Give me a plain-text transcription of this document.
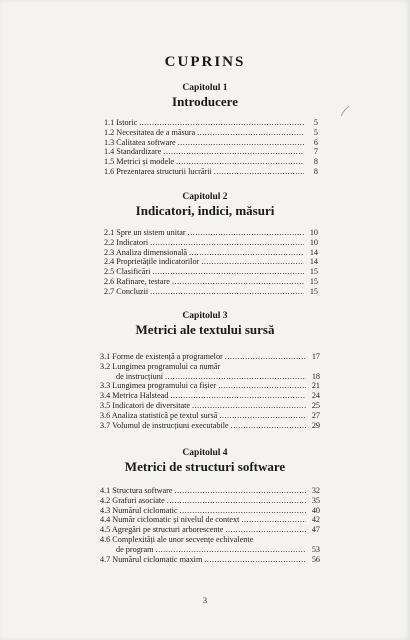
CUPRINS
Capitolul 1
Introducere
1.1 Istoric .....	5
1.2 Necesitatea de a măsura .....	5
1.3 Calitatea software .....	6
1.4 Standardizare .....	7
1.5 Metrici și modele .....	8
1.6 Prezentarea structurii lucrării .....	8
Capitolul 2
Indicatori, indici, măsuri
2.1 Spre un sistem unitar .....	10
2.2 Indicatori .....	10
2.3 Analiza dimensională .....	14
2.4 Proprietățile indicatorilor .....	14
2.5 Clasificări .....	15
2.6 Rafinare, testare .....	15
2.7 Concluzii .....	15
Capitolul 3
Metrici ale textului sursă
3.1 Forme de existență a programelor .....	17
3.2 Lungimea programului ca număr
de instrucțiuni .....	18
3.3 Lungimea programului ca fișier .....	21
3.4 Metrica Halstead .....	24
3.5 Indicatori de diversitate .....	25
3.6 Analiza statistică pe textul sursă .....	27
3.7 Volumul de instrucțiuni executabile .....	29
Capitolul 4
Metrici de structuri software
4.1 Structura software .....	32
4.2 Grafuri asociate .....	35
4.3 Numărul ciclomatic .....	40
4.4 Număr ciclomatic și nivelul de context .....	42
4.5 Agregări pe structuri arborescente .....	47
4.6 Complexități ale unor secvențe echivalente
de program .....	53
4.7 Numărul ciclomatic maxim .....	56
3
